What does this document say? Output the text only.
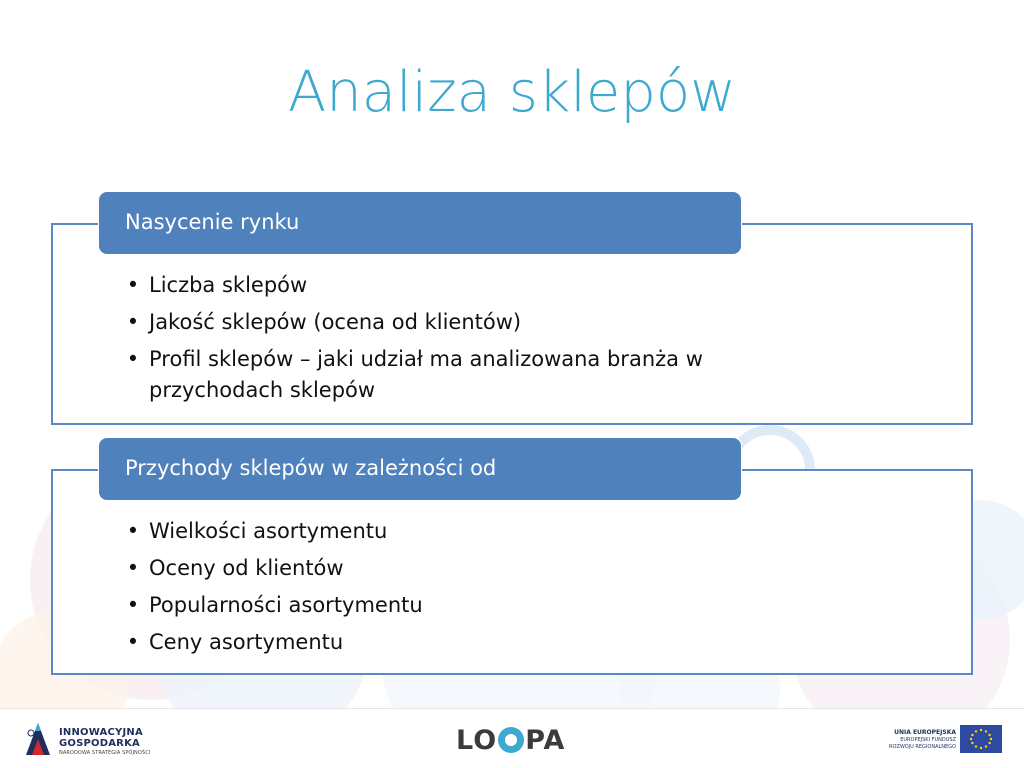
Analiza sklepów
Nasycenie rynku
• Liczba sklepów
• Jakość sklepów (ocena od klientów)
• Profil sklepów – jaki udział ma analizowana branża w przychodach sklepów
Przychody sklepów w zależności od
• Wielkości asortymentu
• Oceny od klientów
• Popularności asortymentu
• Ceny asortymentu
INNOWACYJNA
GOSPODARKA
NARODOWA STRATEGIA SPÓJNOŚCI	LO PA	UNIA EUROPEJSKA
EUROPEJSKI FUNDUSZ
ROZWOJU REGIONALNEGO
